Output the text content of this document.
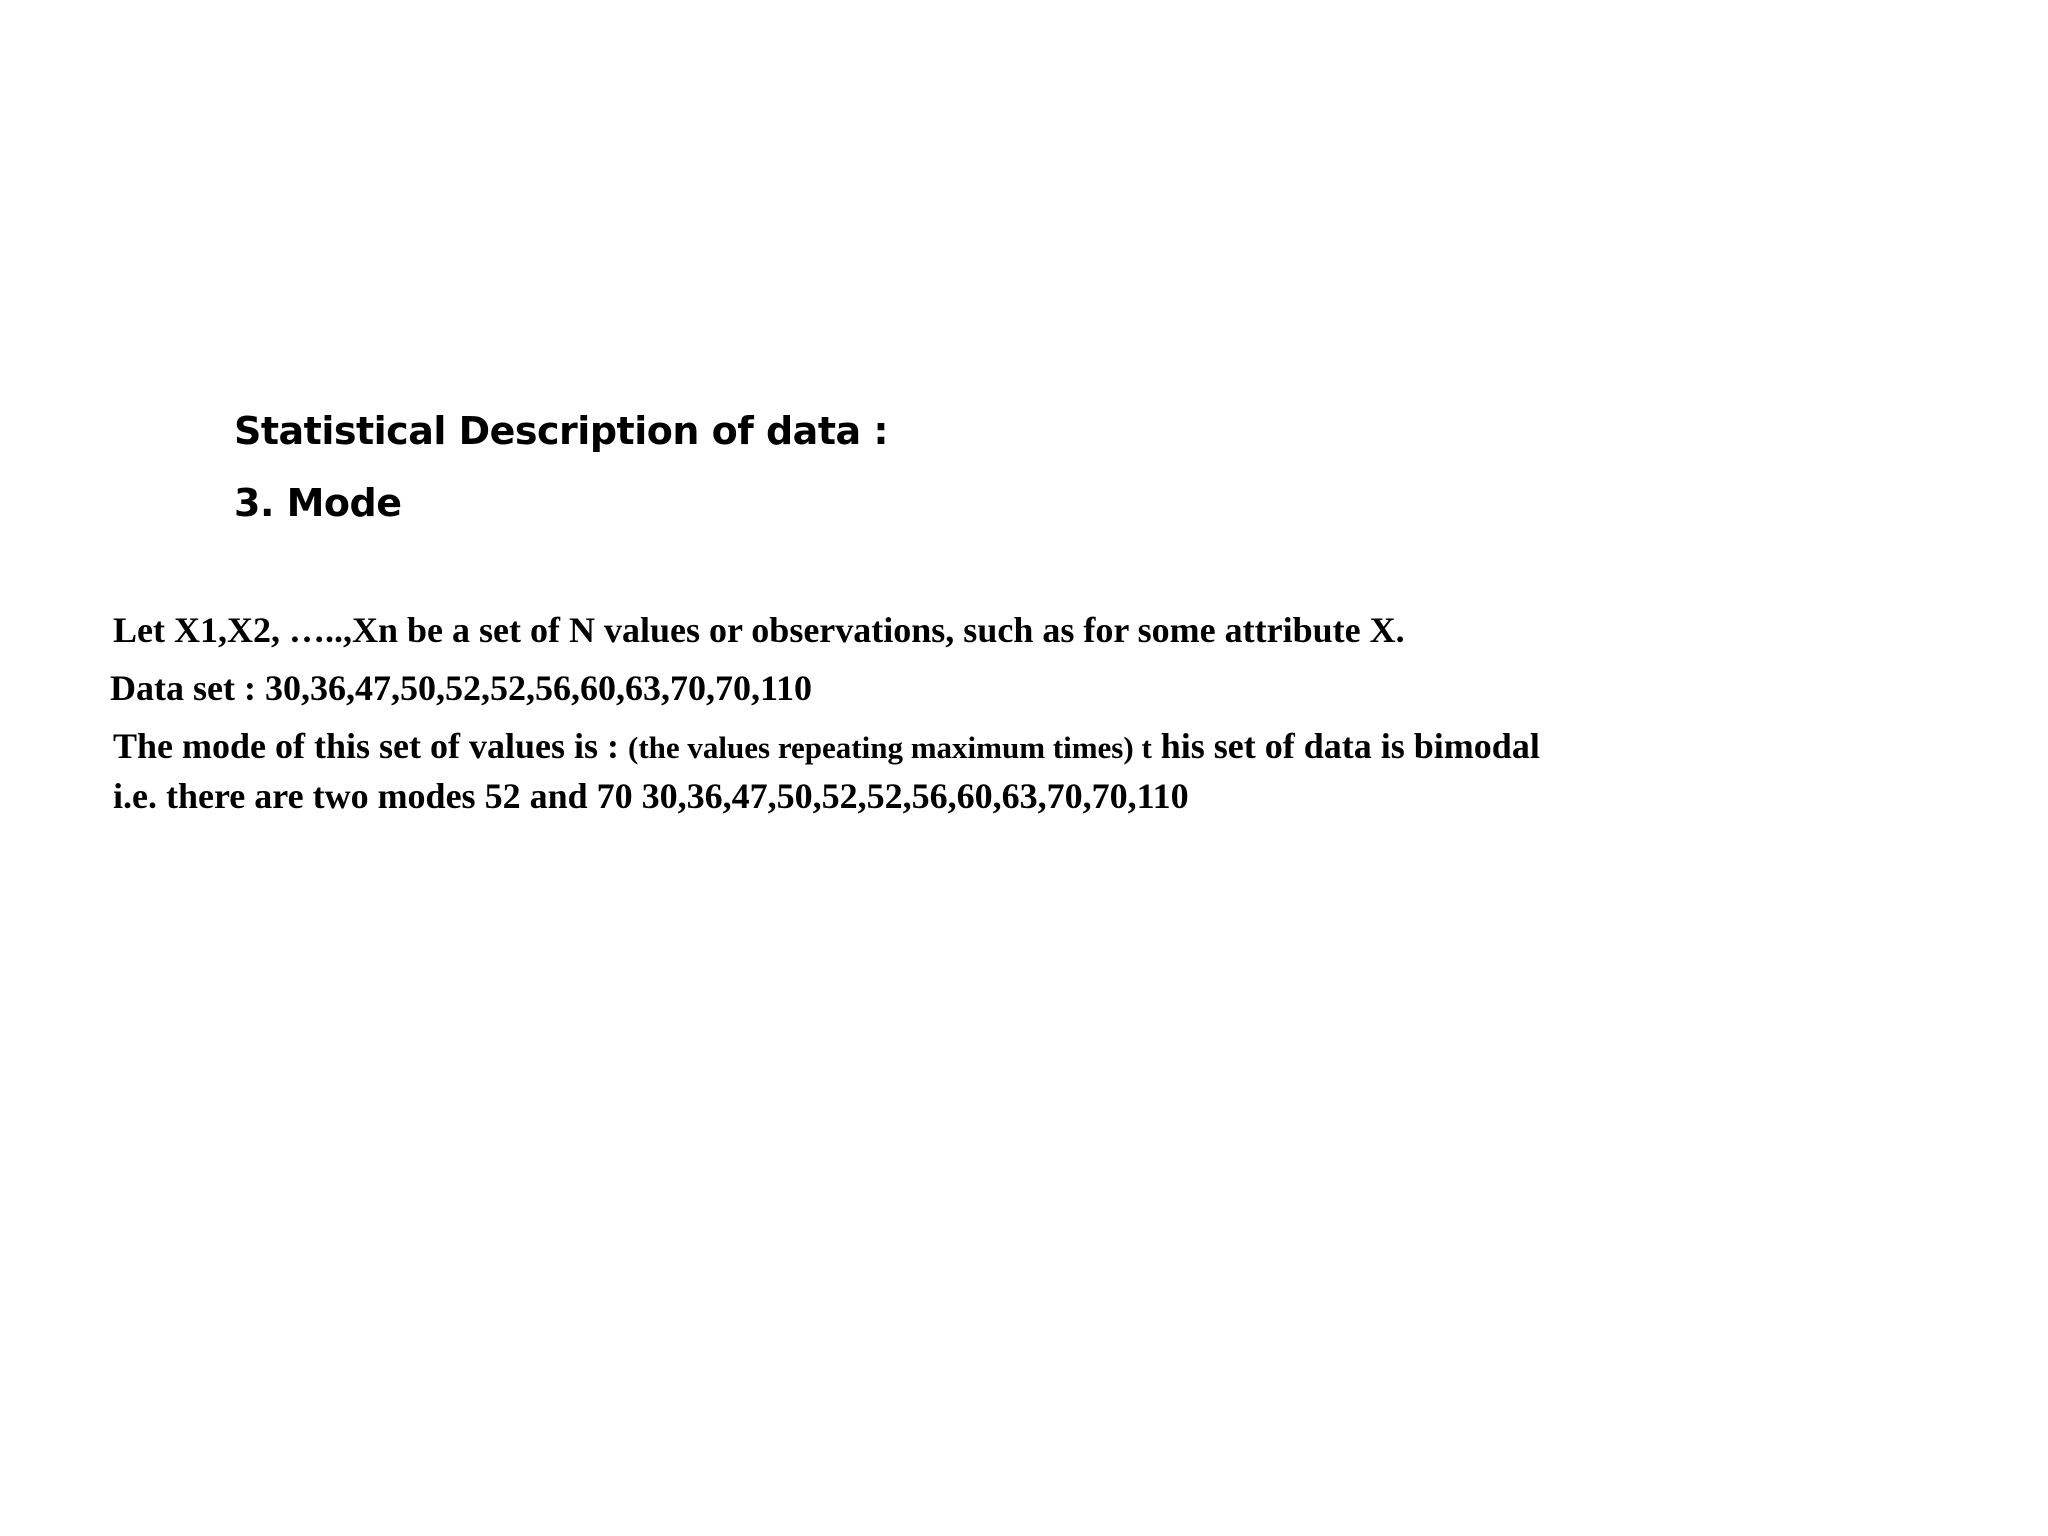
Statistical Description of data :
3. Mode
Let X1,X2, …..,Xn be a set of N values or observations, such as for some attribute X.
Data set : 30,36,47,50,52,52,56,60,63,70,70,110
The mode of this set of values is : (the values repeating maximum times) t his set of data is bimodal
i.e. there are two modes 52 and 70 30,36,47,50,52,52,56,60,63,70,70,110
